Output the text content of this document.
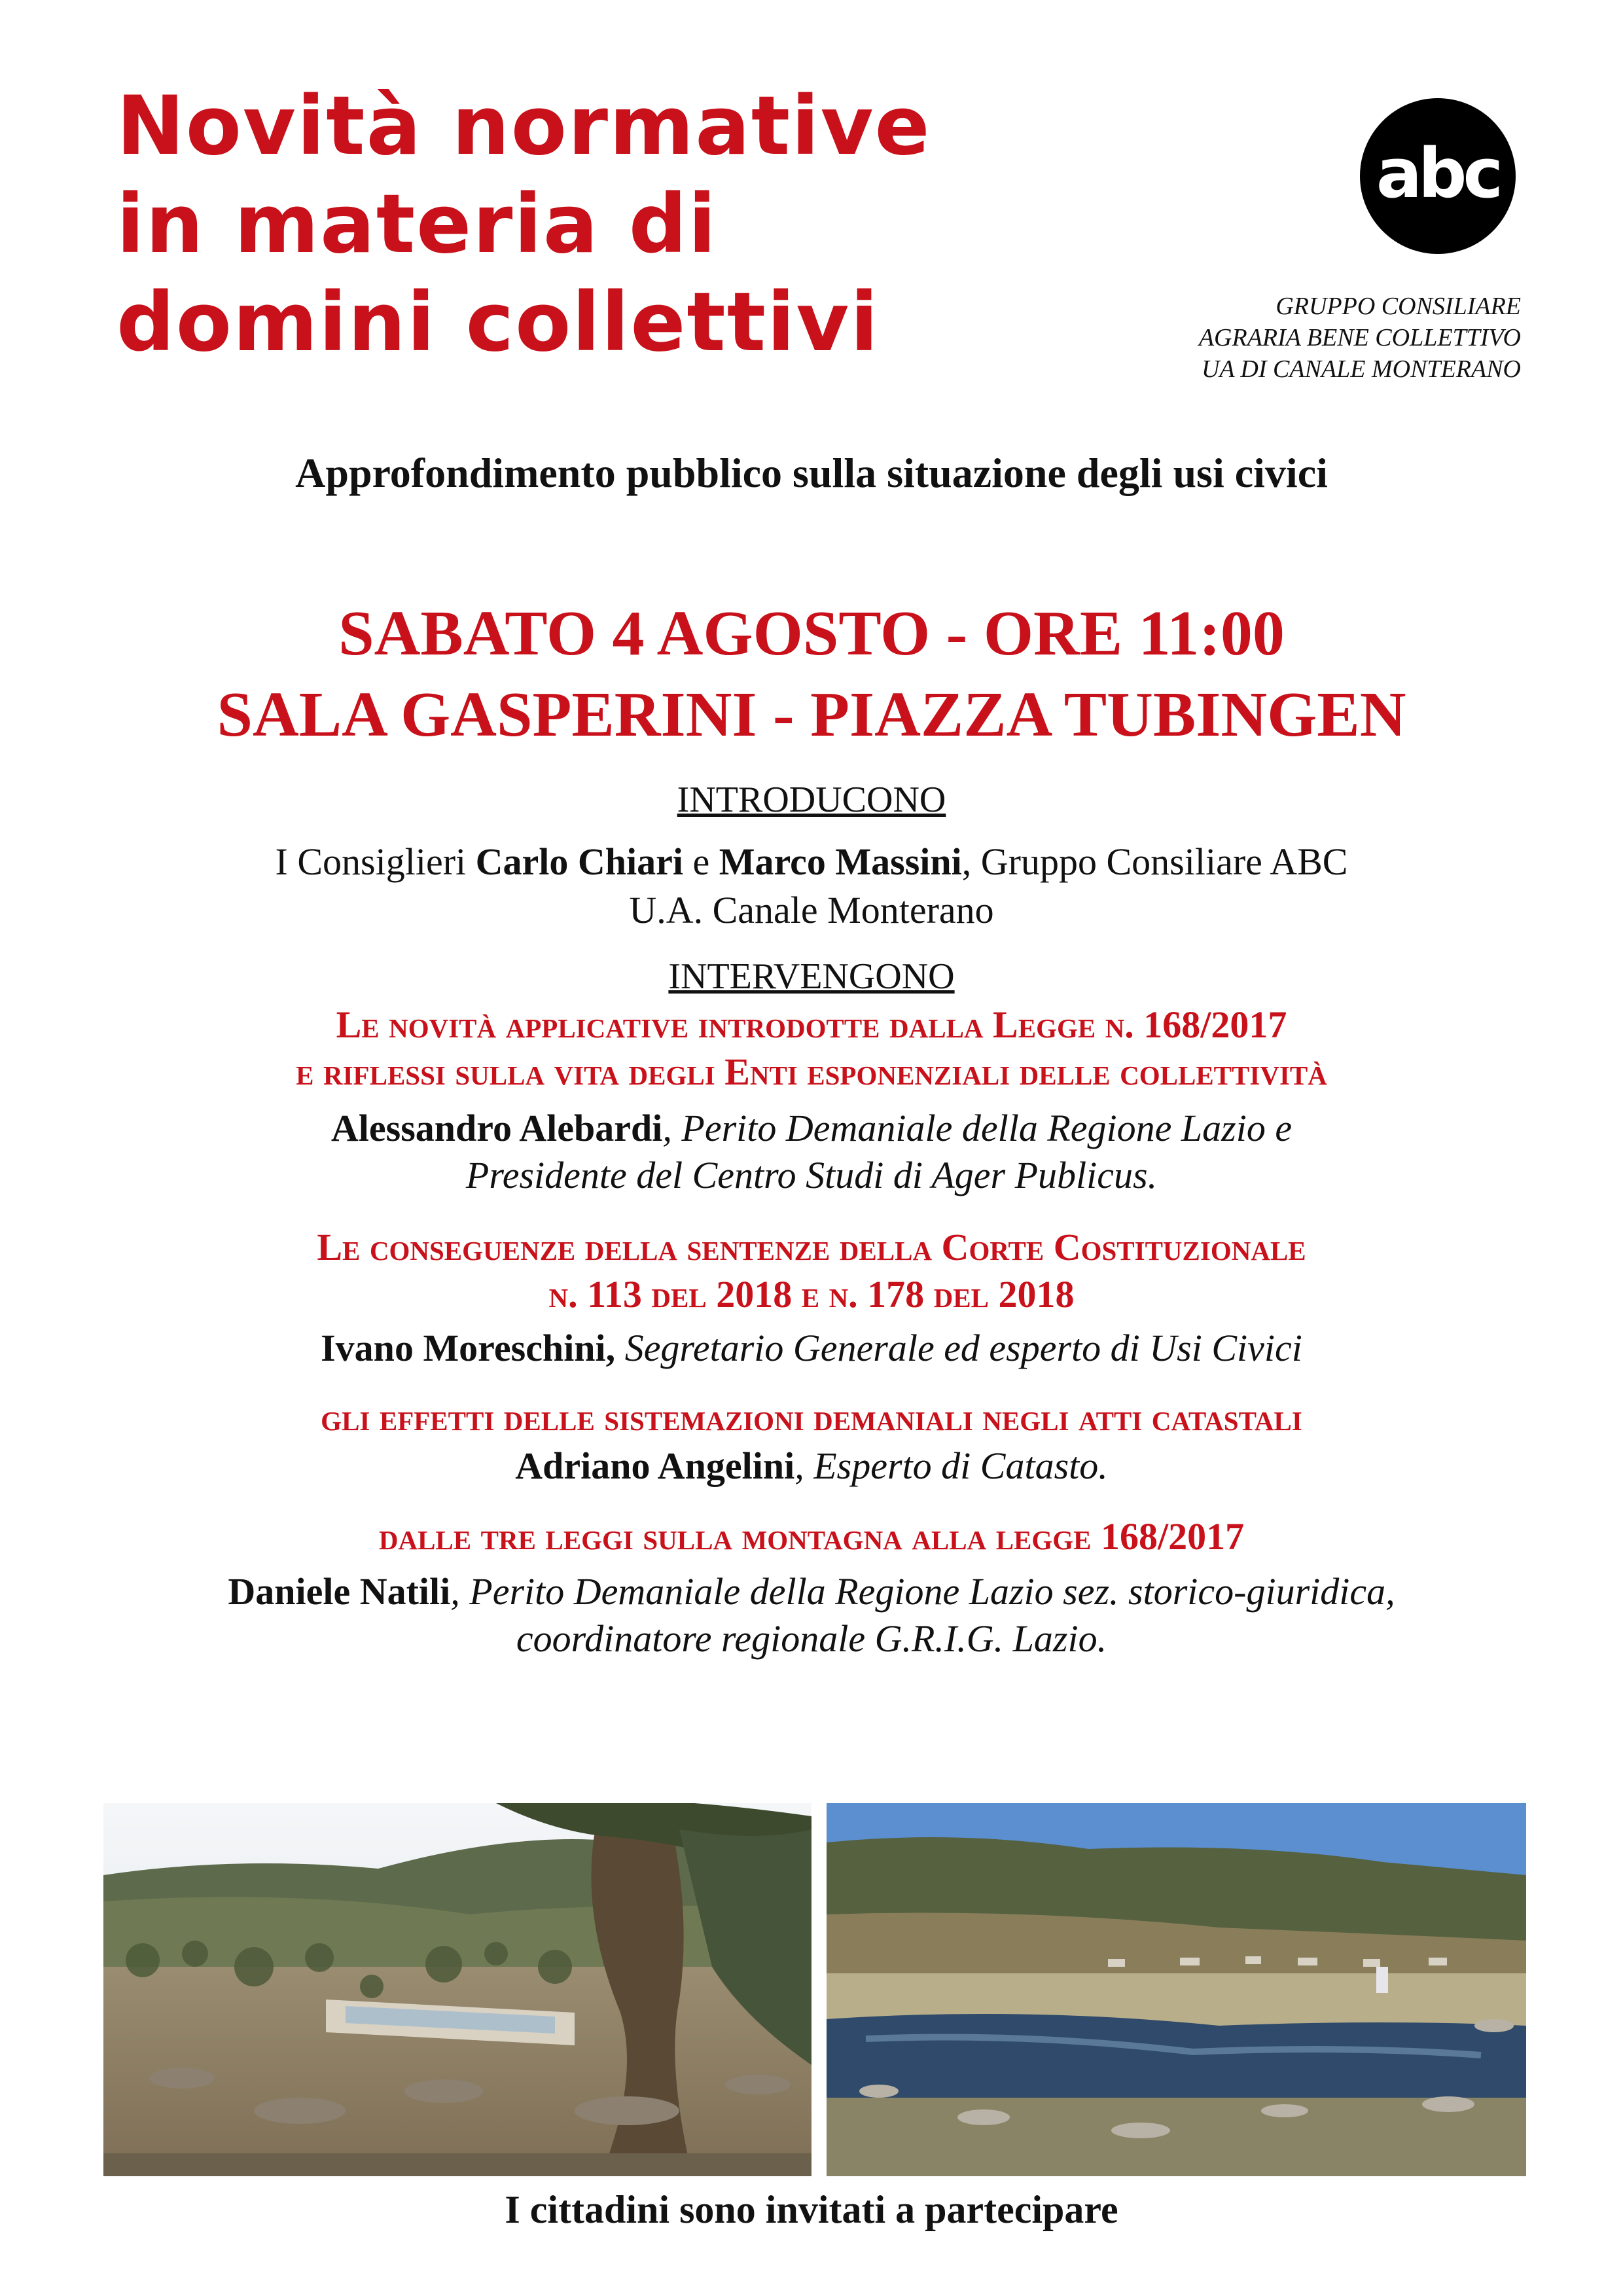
Novità normative
in materia di
domini collettivi
abc
GRUPPO CONSILIARE
AGRARIA BENE COLLETTIVO
UA DI CANALE MONTERANO
Approfondimento pubblico sulla situazione degli usi civici
SABATO 4 AGOSTO - ORE 11:00
SALA GASPERINI - PIAZZA TUBINGEN
INTRODUCONO
I Consiglieri Carlo Chiari e Marco Massini, Gruppo Consiliare ABC
U.A. Canale Monterano
INTERVENGONO
Le novità applicative introdotte dalla Legge n. 168/2017
e riflessi sulla vita degli Enti esponenziali delle collettività
Alessandro Alebardi, Perito Demaniale della Regione Lazio e
Presidente del Centro Studi di Ager Publicus.
Le conseguenze della sentenze della Corte Costituzionale
n. 113 del 2018 e n. 178 del 2018
Ivano Moreschini, Segretario Generale ed esperto di Usi Civici
gli effetti delle sistemazioni demaniali negli atti catastali
Adriano Angelini, Esperto di Catasto.
dalle tre leggi sulla montagna alla legge 168/2017
Daniele Natili, Perito Demaniale della Regione Lazio sez. storico-giuridica,
coordinatore regionale G.R.I.G. Lazio.
I cittadini sono invitati a partecipare
